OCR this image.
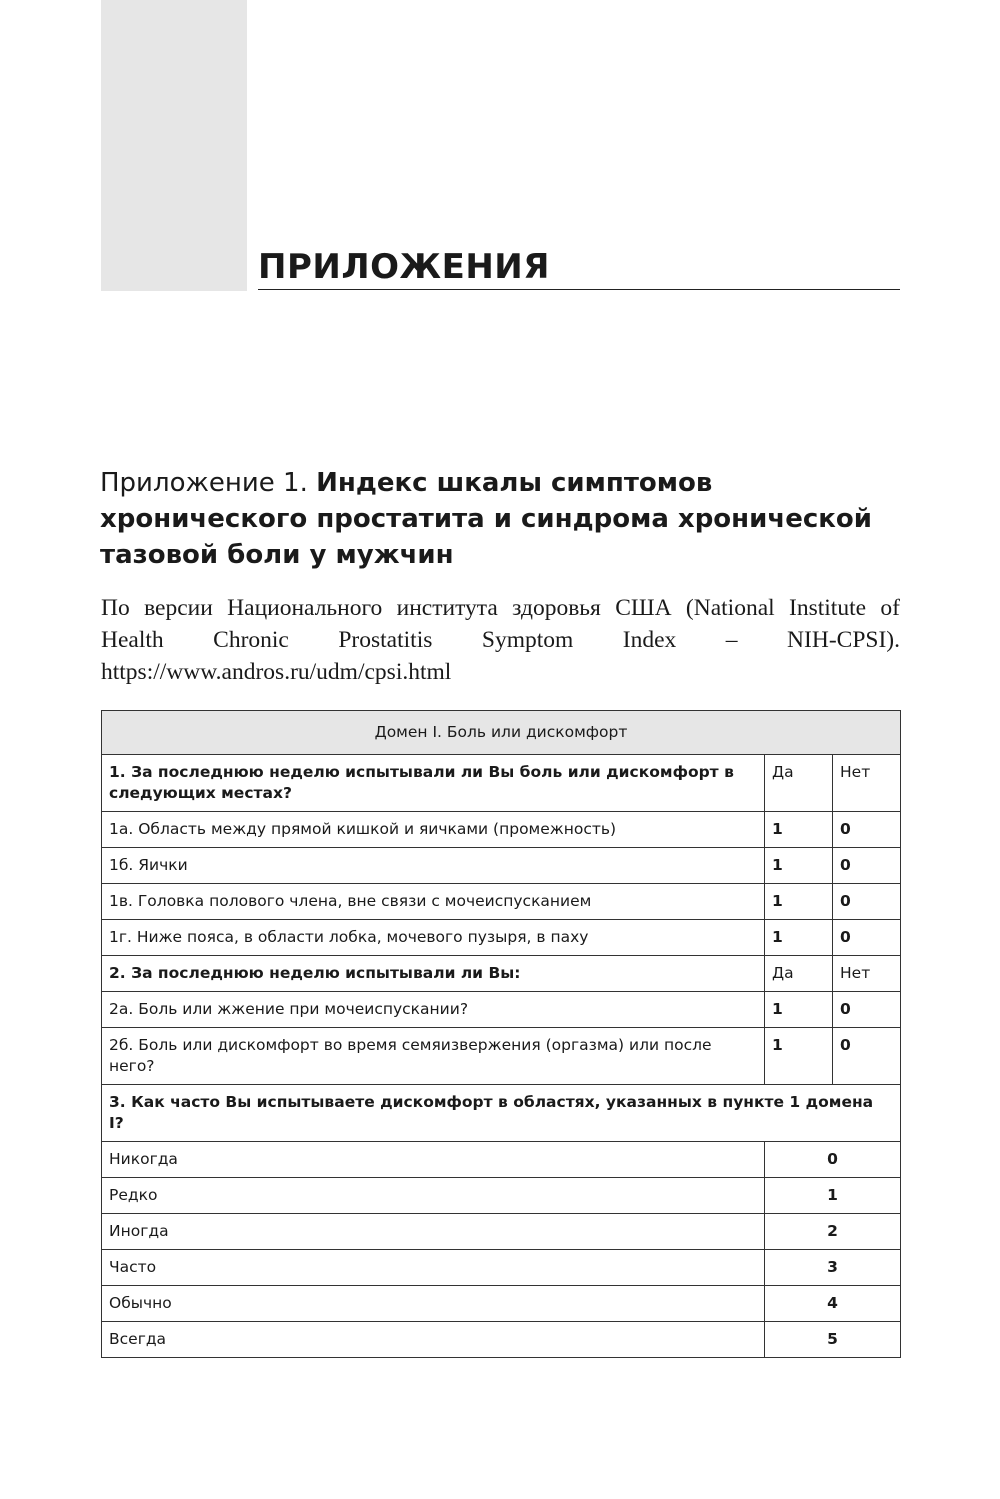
ПРИЛОЖЕНИЯ
Приложение 1. Индекс шкалы симптомов хронического простатита и синдрома хронической тазовой боли у мужчин

По версии Национального института здоровья США (National Institute of Health Chronic Prostatitis Symptom Index – NIH-CPSI). https://www.andros.ru/udm/cpsi.html

Домен I. Боль или дискомфорт		
1. За последнюю неделю испытывали ли Вы боль или дискомфорт в следующих местах?	Да	Нет
1а. Область между прямой кишкой и яичками (промежность)	1	0
1б. Яички	1	0
1в. Головка полового члена, вне связи с мочеиспусканием	1	0
1г. Ниже пояса, в области лобка, мочевого пузыря, в паху	1	0
2. За последнюю неделю испытывали ли Вы:	Да	Нет
2а. Боль или жжение при мочеиспускании?	1	0
2б. Боль или дискомфорт во время семяизвержения (оргазма) или после него?	1	0
3. Как часто Вы испытываете дискомфорт в областях, указанных в пункте 1 домена I?		
Никогда	0	
Редко	1	
Иногда	2	
Часто	3	
Обычно	4	
Всегда	5	
